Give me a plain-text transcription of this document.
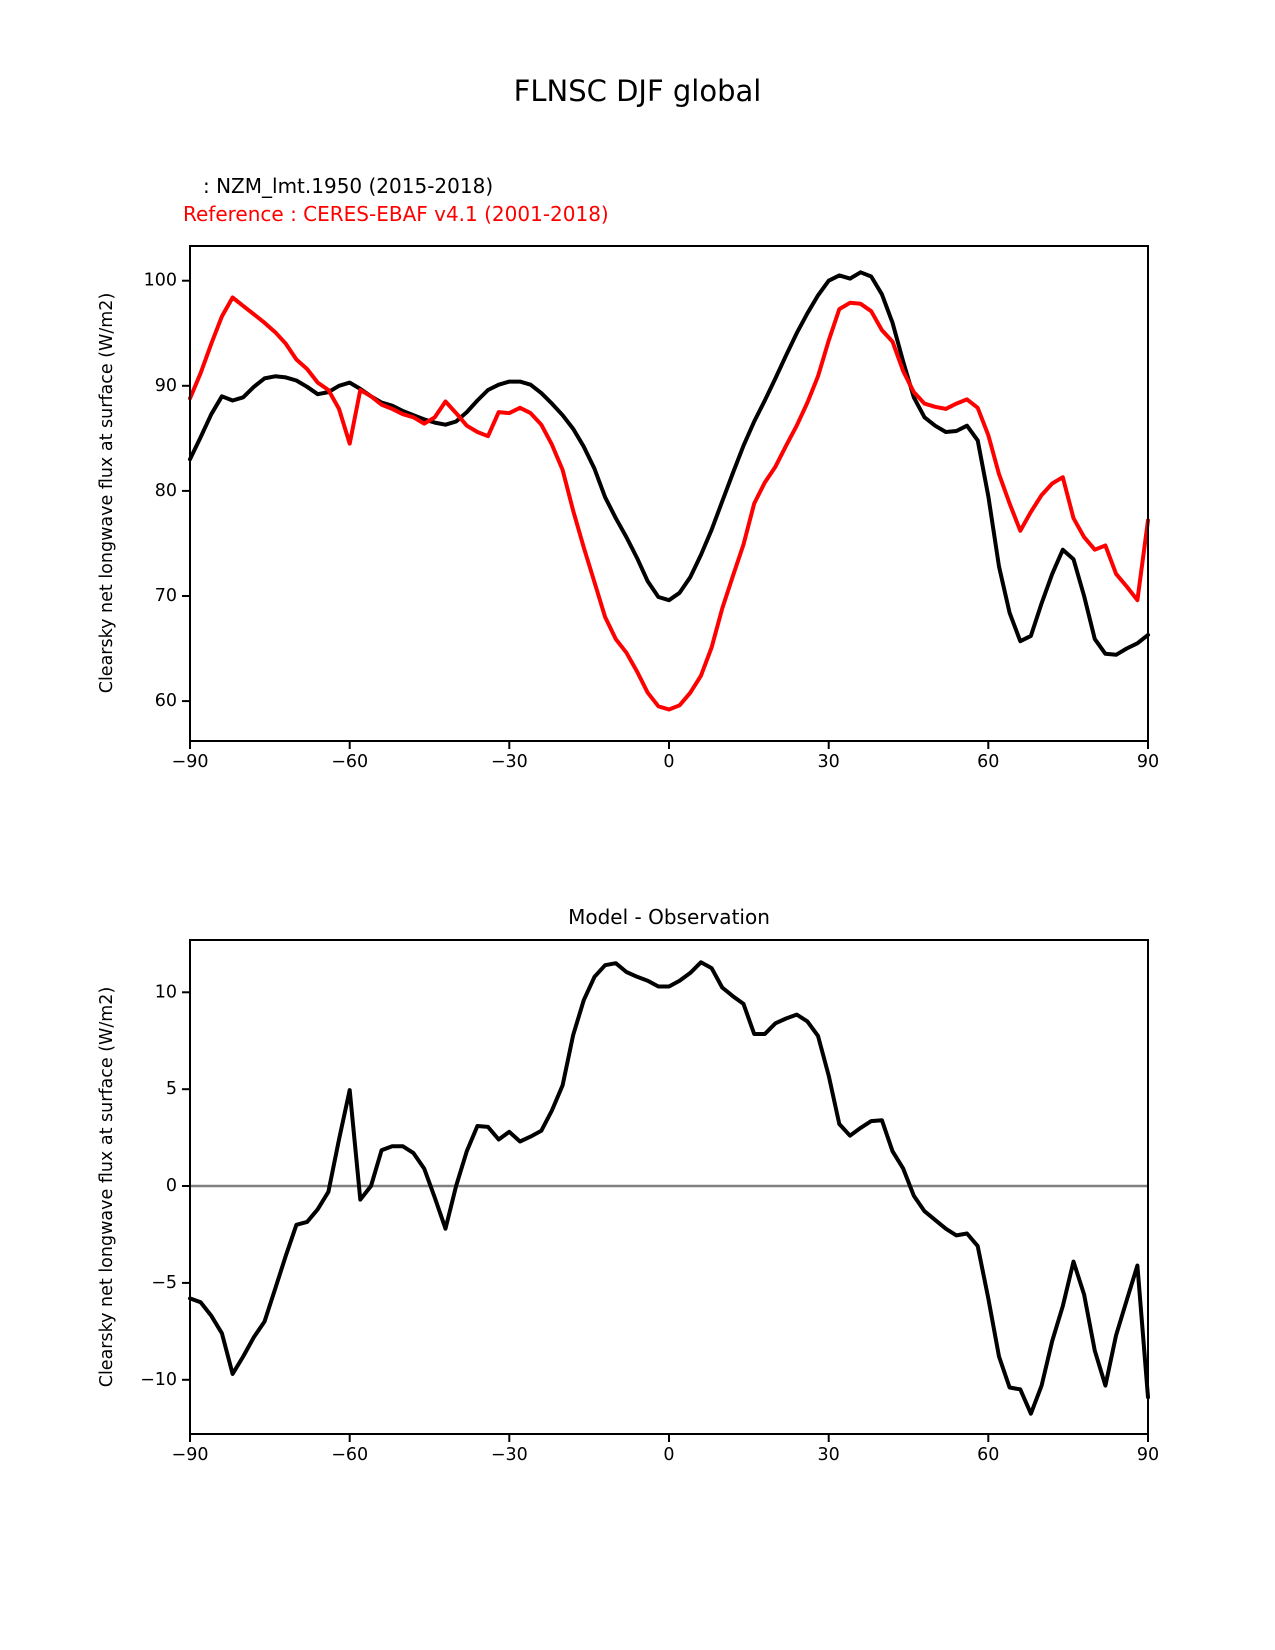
FLNSC DJF global
: NZM_lmt.1950 (2015-2018)
Reference : CERES-EBAF v4.1 (2001-2018)
Clearsky net longwave flux at surface (W/m2)
Clearsky net longwave flux at surface (W/m2)
Model - Observation
−90	−60	−30	0	30	60	90
60
70
80
90
100
−90	−60	−30	0	30	60	90
−10
−5
0
5
10
